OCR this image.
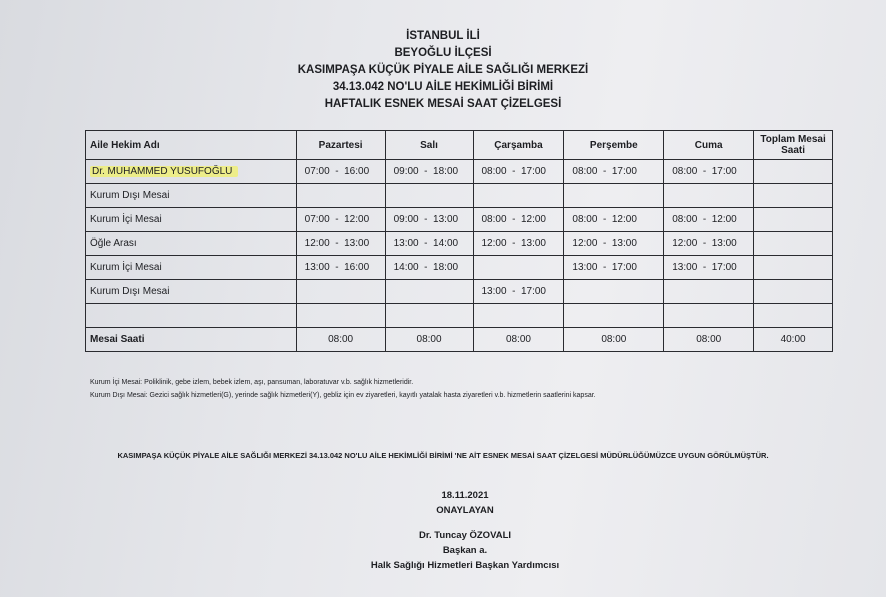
İSTANBUL İLİ
BEYOĞLU İLÇESİ
KASIMPAŞA KÜÇÜK PİYALE AİLE SAĞLIĞI MERKEZİ
34.13.042 NO'LU AİLE HEKİMLİĞİ BİRİMİ
HAFTALIK ESNEK MESAİ SAAT ÇİZELGESİ
Aile Hekim Adı	Pazartesi	Salı	Çarşamba	Perşembe	Cuma	Toplam Mesai Saati
Dr. MUHAMMED YUSUFOĞLU	07:00  -  16:00	09:00  -  18:00	08:00  -  17:00	08:00  -  17:00	08:00  -  17:00	
Kurum Dışı Mesai						
Kurum İçi Mesai	07:00  -  12:00	09:00  -  13:00	08:00  -  12:00	08:00  -  12:00	08:00  -  12:00	
Öğle Arası	12:00  -  13:00	13:00  -  14:00	12:00  -  13:00	12:00  -  13:00	12:00  -  13:00	
Kurum İçi Mesai	13:00  -  16:00	14:00  -  18:00		13:00  -  17:00	13:00  -  17:00	
Kurum Dışı Mesai			13:00  -  17:00			

Mesai Saati	08:00	08:00	08:00	08:00	08:00	40:00
Kurum İçi Mesai: Poliklinik, gebe izlem, bebek izlem, aşı, pansuman, laboratuvar v.b. sağlık hizmetleridir.
Kurum Dışı Mesai: Gezici sağlık hizmetleri(G), yerinde sağlık hizmetleri(Y), gebliz için ev ziyaretleri, kayıtlı yatalak hasta ziyaretleri v.b. hizmetlerin saatlerini kapsar.
KASIMPAŞA KÜÇÜK PİYALE AİLE SAĞLIĞI MERKEZİ 34.13.042 NO'LU AİLE HEKİMLİĞİ BİRİMİ 'NE AİT ESNEK MESAİ SAAT ÇİZELGESİ MÜDÜRLÜĞÜMÜZCE UYGUN GÖRÜLMÜŞTÜR.
18.11.2021
ONAYLAYAN
Dr. Tuncay ÖZOVALI
Başkan a.
Halk Sağlığı Hizmetleri Başkan Yardımcısı
